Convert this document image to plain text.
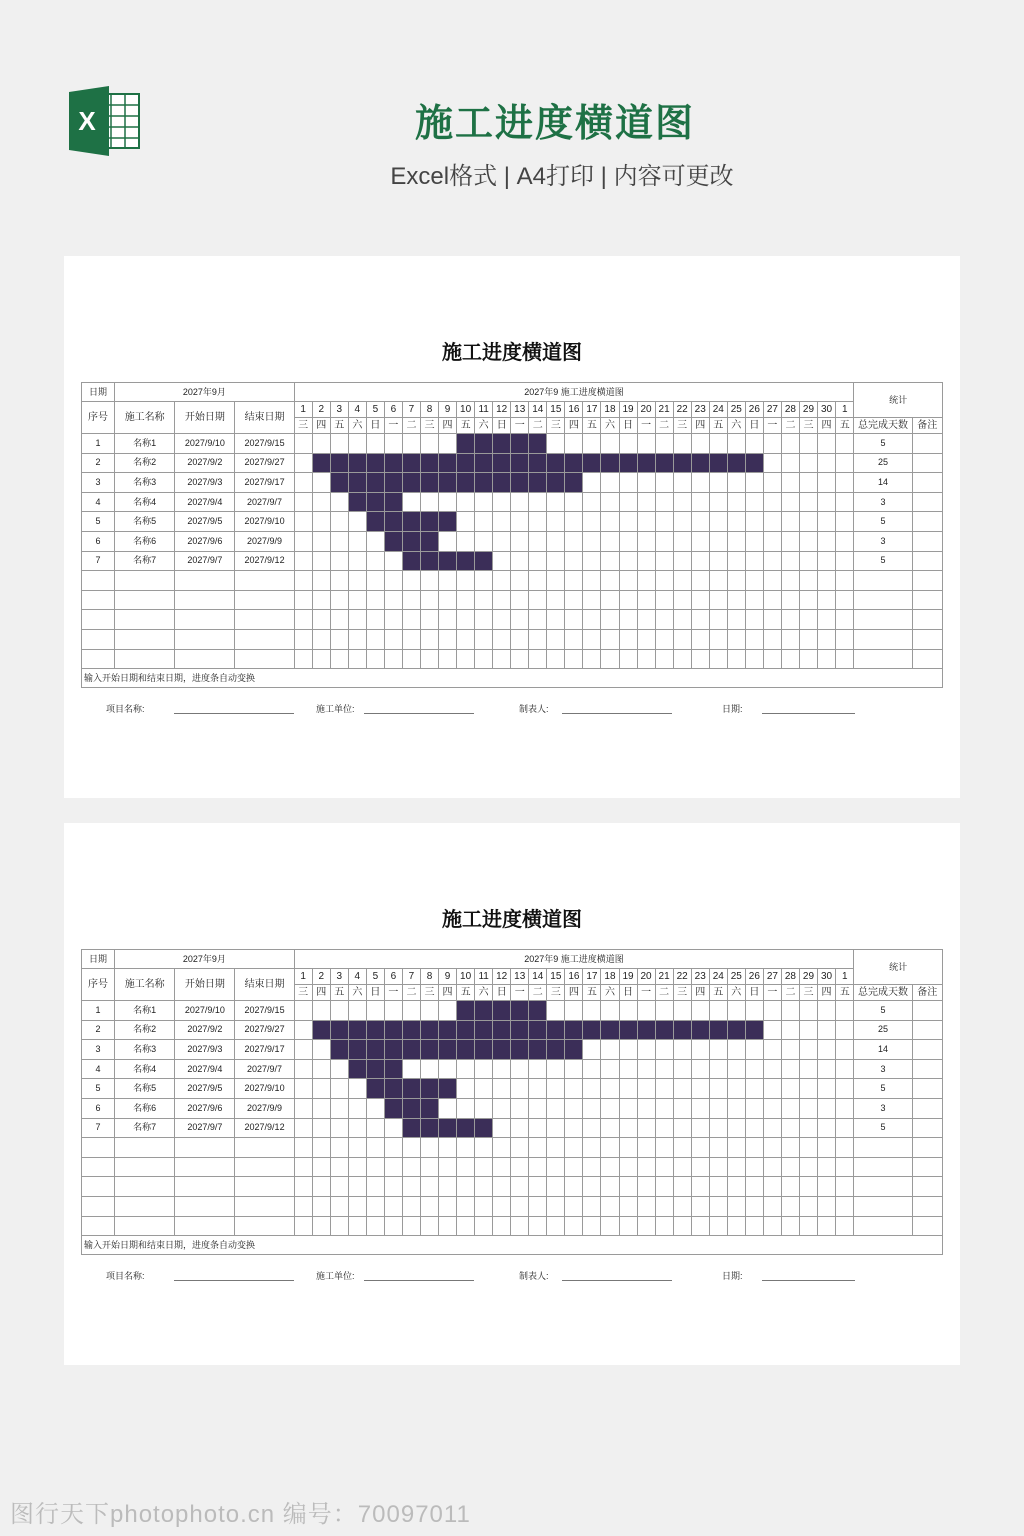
X	施工进度横道图
Excel格式 | A4打印 | 内容可更改
施工进度横道图
日期	2027年9月			2027年9 施工进度横道图																															统计	
序号	施工名称	开始日期	结束日期	1	2	3	4	5	6	7	8	9	10	11	12	13	14	15	16	17	18	19	20	21	22	23	24	25	26	27	28	29	30	1		
				三	四	五	六	日	一	二	三	四	五	六	日	一	二	三	四	五	六	日	一	二	三	四	五	六	日	一	二	三	四	五	总完成天数	备注
1	名称1	2027/9/10	2027/9/15																																5	
2	名称2	2027/9/2	2027/9/27																																25	
3	名称3	2027/9/3	2027/9/17																																14	
4	名称4	2027/9/4	2027/9/7																																3	
5	名称5	2027/9/5	2027/9/10																																5	
6	名称6	2027/9/6	2027/9/9																																3	
7	名称7	2027/9/7	2027/9/12																																5	

输入开始日期和结束日期，进度条自动变换																																				
项目名称:	施工单位:	制表人:	日期:
施工进度横道图
日期	2027年9月			2027年9 施工进度横道图																															统计	
序号	施工名称	开始日期	结束日期	1	2	3	4	5	6	7	8	9	10	11	12	13	14	15	16	17	18	19	20	21	22	23	24	25	26	27	28	29	30	1		
				三	四	五	六	日	一	二	三	四	五	六	日	一	二	三	四	五	六	日	一	二	三	四	五	六	日	一	二	三	四	五	总完成天数	备注
1	名称1	2027/9/10	2027/9/15																																5	
2	名称2	2027/9/2	2027/9/27																																25	
3	名称3	2027/9/3	2027/9/17																																14	
4	名称4	2027/9/4	2027/9/7																																3	
5	名称5	2027/9/5	2027/9/10																																5	
6	名称6	2027/9/6	2027/9/9																																3	
7	名称7	2027/9/7	2027/9/12																																5	

输入开始日期和结束日期，进度条自动变换																																				
项目名称:	施工单位:	制表人:	日期:
图行天下photophoto.cn 编号：70097011
